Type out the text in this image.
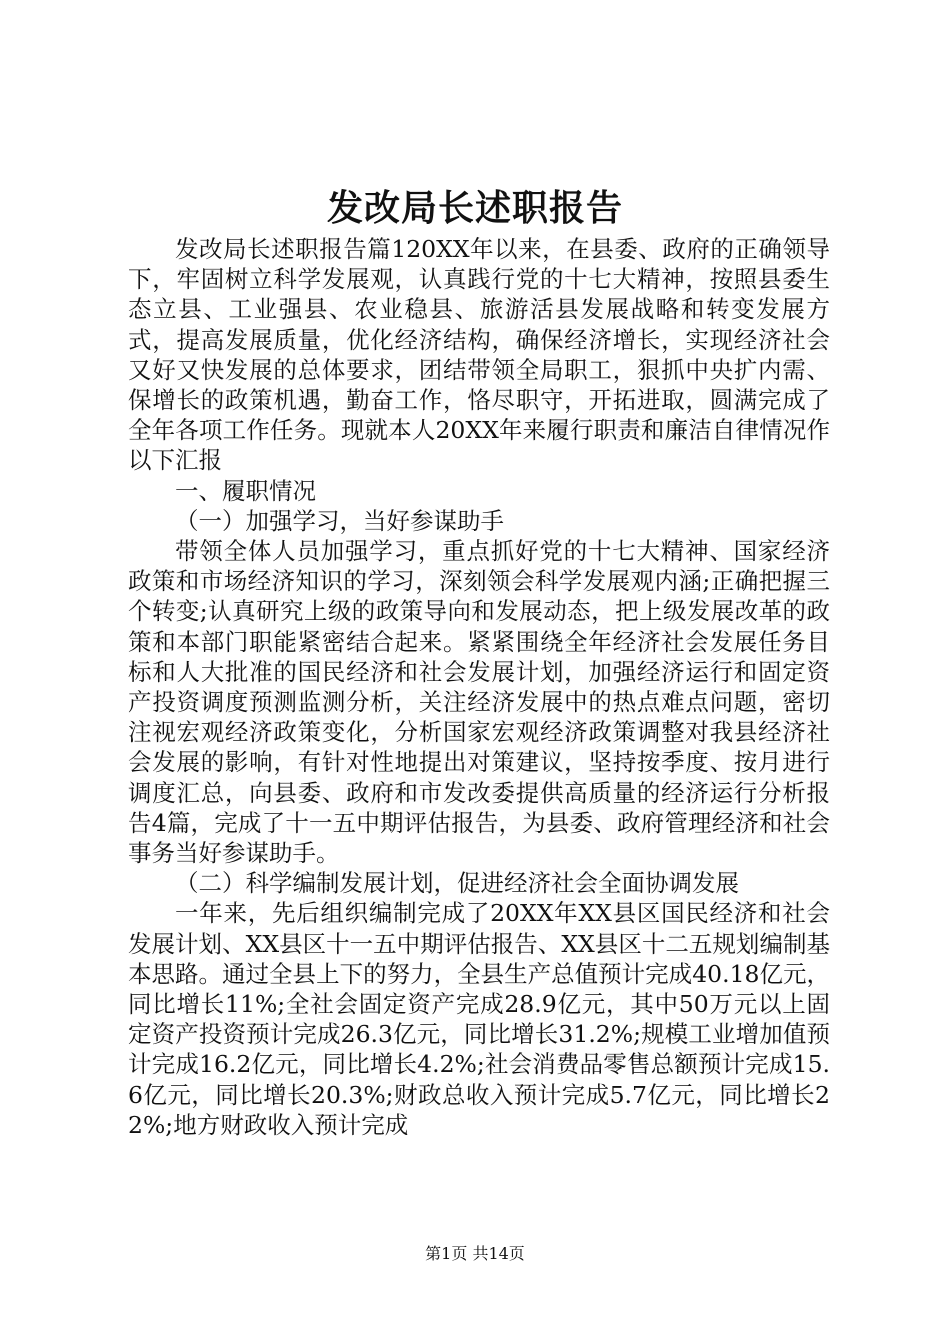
发改局长述职报告

发改局长述职报告篇120XX年以来，在县委、政府的正确领导下，牢固树立科学发展观，认真践行党的十七大精神，按照县委生态立县、工业强县、农业稳县、旅游活县发展战略和转变发展方式，提高发展质量，优化经济结构，确保经济增长，实现经济社会又好又快发展的总体要求，团结带领全局职工，狠抓中央扩内需、保增长的政策机遇，勤奋工作，恪尽职守，开拓进取，圆满完成了全年各项工作任务。现就本人20XX年来履行职责和廉洁自律情况作以下汇报

一、履职情况

（一）加强学习，当好参谋助手

带领全体人员加强学习，重点抓好党的十七大精神、国家经济政策和市场经济知识的学习，深刻领会科学发展观内涵;正确把握三个转变;认真研究上级的政策导向和发展动态，把上级发展改革的政策和本部门职能紧密结合起来。紧紧围绕全年经济社会发展任务目标和人大批准的国民经济和社会发展计划，加强经济运行和固定资产投资调度预测监测分析，关注经济发展中的热点难点问题，密切注视宏观经济政策变化，分析国家宏观经济政策调整对我县经济社会发展的影响，有针对性地提出对策建议，坚持按季度、按月进行调度汇总，向县委、政府和市发改委提供高质量的经济运行分析报告4篇，完成了十一五中期评估报告，为县委、政府管理经济和社会事务当好参谋助手。

（二）科学编制发展计划，促进经济社会全面协调发展

一年来，先后组织编制完成了20XX年XX县区国民经济和社会发展计划、XX县区十一五中期评估报告、XX县区十二五规划编制基本思路。通过全县上下的努力，全县生产总值预计完成40.18亿元，同比增长11%;全社会固定资产完成28.9亿元，其中50万元以上固定资产投资预计完成26.3亿元，同比增长31.2%;规模工业增加值预计完成16.2亿元，同比增长4.2%;社会消费品零售总额预计完成15.6亿元，同比增长20.3%;财政总收入预计完成5.7亿元，同比增长22%;地方财政收入预计完成

第1页 共14页
